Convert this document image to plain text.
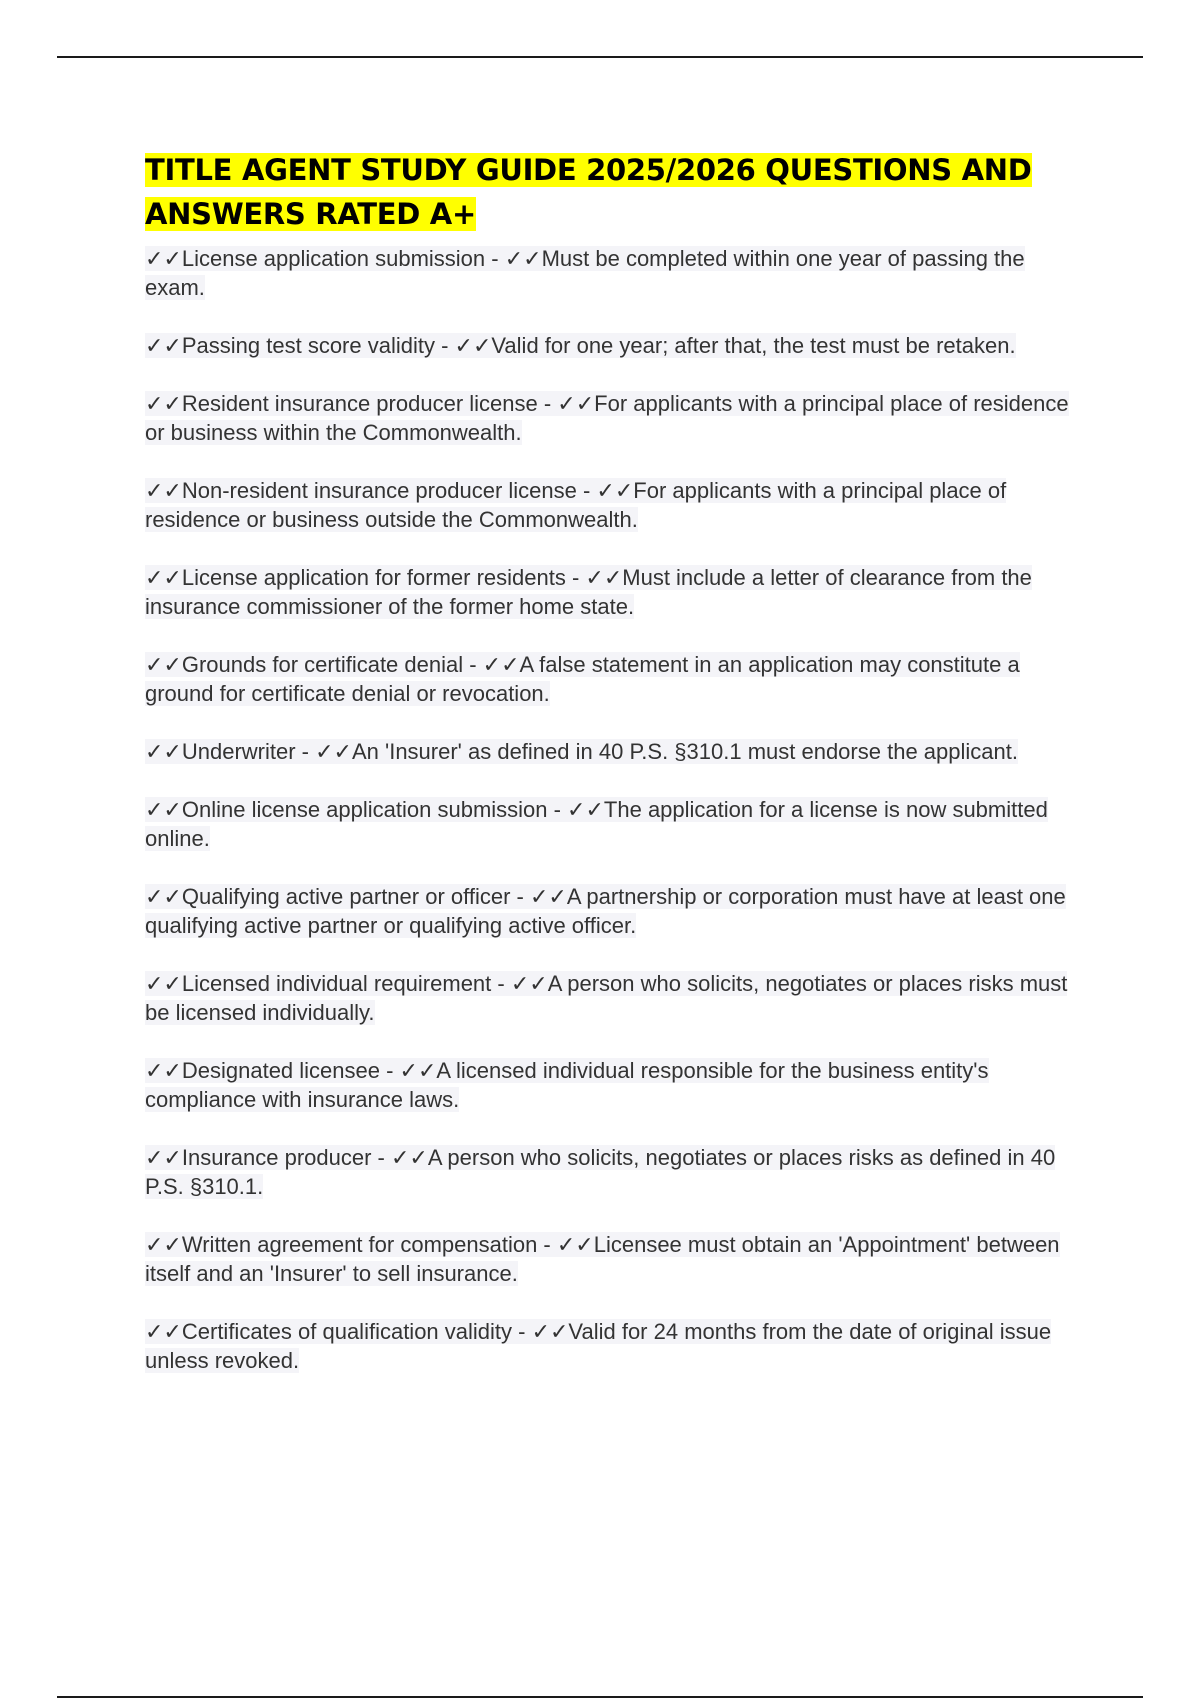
TITLE AGENT STUDY GUIDE 2025/2026 QUESTIONS AND ANSWERS RATED A+
✓✓License application submission - ✓✓Must be completed within one year of passing the exam.
✓✓Passing test score validity - ✓✓Valid for one year; after that, the test must be retaken.
✓✓Resident insurance producer license - ✓✓For applicants with a principal place of residence or business within the Commonwealth.
✓✓Non-resident insurance producer license - ✓✓For applicants with a principal place of residence or business outside the Commonwealth.
✓✓License application for former residents - ✓✓Must include a letter of clearance from the insurance commissioner of the former home state.
✓✓Grounds for certificate denial - ✓✓A false statement in an application may constitute a ground for certificate denial or revocation.
✓✓Underwriter - ✓✓An 'Insurer' as defined in 40 P.S. §310.1 must endorse the applicant.
✓✓Online license application submission - ✓✓The application for a license is now submitted online.
✓✓Qualifying active partner or officer - ✓✓A partnership or corporation must have at least one qualifying active partner or qualifying active officer.
✓✓Licensed individual requirement - ✓✓A person who solicits, negotiates or places risks must be licensed individually.
✓✓Designated licensee - ✓✓A licensed individual responsible for the business entity's compliance with insurance laws.
✓✓Insurance producer - ✓✓A person who solicits, negotiates or places risks as defined in 40 P.S. §310.1.
✓✓Written agreement for compensation - ✓✓Licensee must obtain an 'Appointment' between itself and an 'Insurer' to sell insurance.
✓✓Certificates of qualification validity - ✓✓Valid for 24 months from the date of original issue unless revoked.
